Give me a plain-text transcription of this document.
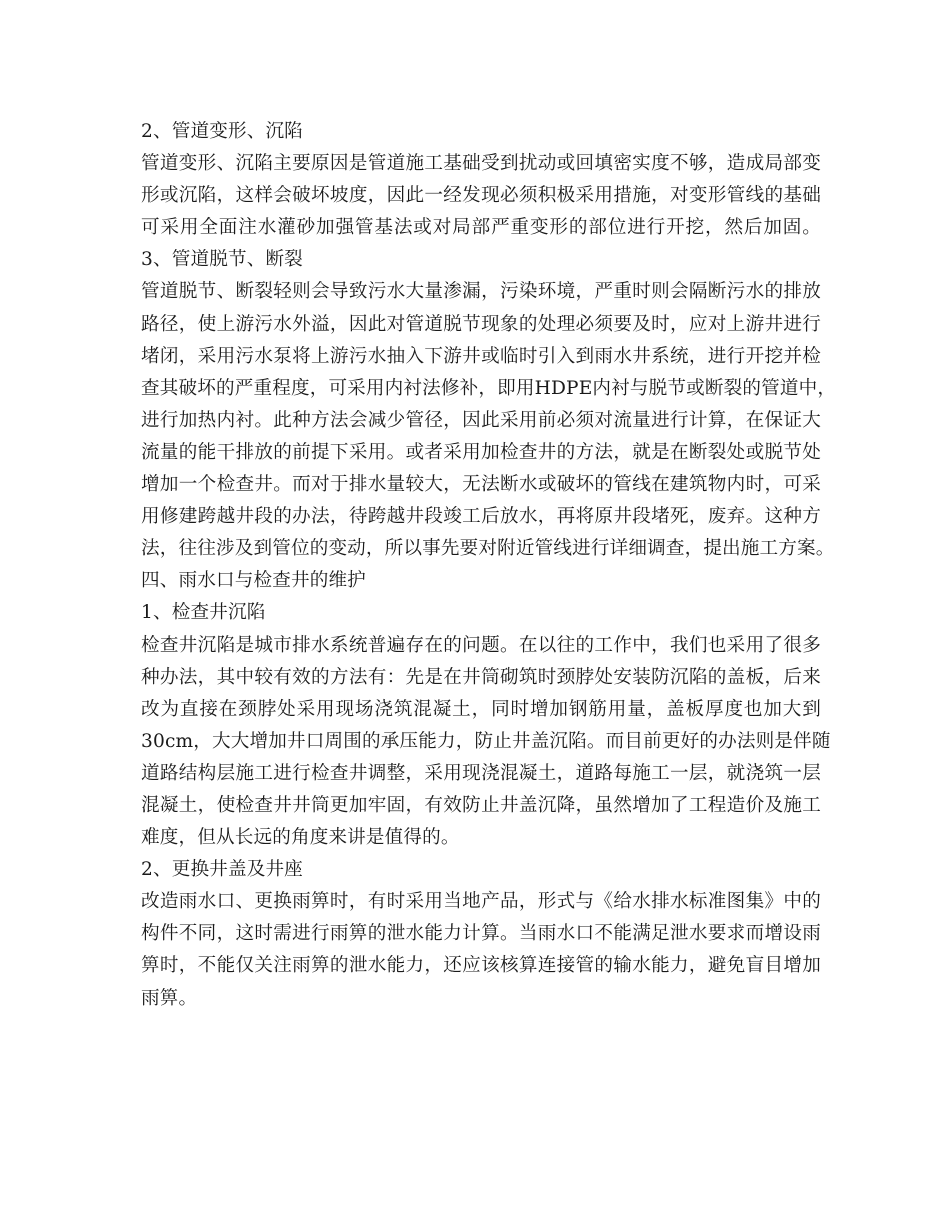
2、管道变形、沉陷
管道变形、沉陷主要原因是管道施工基础受到扰动或回填密实度不够，造成局部变
形或沉陷，这样会破坏坡度，因此一经发现必须积极采用措施，对变形管线的基础
可采用全面注水灌砂加强管基法或对局部严重变形的部位进行开挖，然后加固。
3、管道脱节、断裂
管道脱节、断裂轻则会导致污水大量渗漏，污染环境，严重时则会隔断污水的排放
路径，使上游污水外溢，因此对管道脱节现象的处理必须要及时，应对上游井进行
堵闭，采用污水泵将上游污水抽入下游井或临时引入到雨水井系统，进行开挖并检
查其破坏的严重程度，可采用内衬法修补，即用HDPE内衬与脱节或断裂的管道中，
进行加热内衬。此种方法会减少管径，因此采用前必须对流量进行计算，在保证大
流量的能干排放的前提下采用。或者采用加检查井的方法，就是在断裂处或脱节处
增加一个检查井。而对于排水量较大，无法断水或破坏的管线在建筑物内时，可采
用修建跨越井段的办法，待跨越井段竣工后放水，再将原井段堵死，废弃。这种方
法，往往涉及到管位的变动，所以事先要对附近管线进行详细调查，提出施工方案。
四、雨水口与检查井的维护
1、检查井沉陷
检查井沉陷是城市排水系统普遍存在的问题。在以往的工作中，我们也采用了很多
种办法，其中较有效的方法有：先是在井筒砌筑时颈脖处安装防沉陷的盖板，后来
改为直接在颈脖处采用现场浇筑混凝土，同时增加钢筋用量，盖板厚度也加大到
30cm，大大增加井口周围的承压能力，防止井盖沉陷。而目前更好的办法则是伴随
道路结构层施工进行检查井调整，采用现浇混凝土，道路每施工一层，就浇筑一层
混凝土，使检查井井筒更加牢固，有效防止井盖沉降，虽然增加了工程造价及施工
难度，但从长远的角度来讲是值得的。
2、更换井盖及井座
改造雨水口、更换雨箅时，有时采用当地产品，形式与《给水排水标准图集》中的
构件不同，这时需进行雨箅的泄水能力计算。当雨水口不能满足泄水要求而增设雨
箅时，不能仅关注雨箅的泄水能力，还应该核算连接管的输水能力，避免盲目增加
雨箅。
